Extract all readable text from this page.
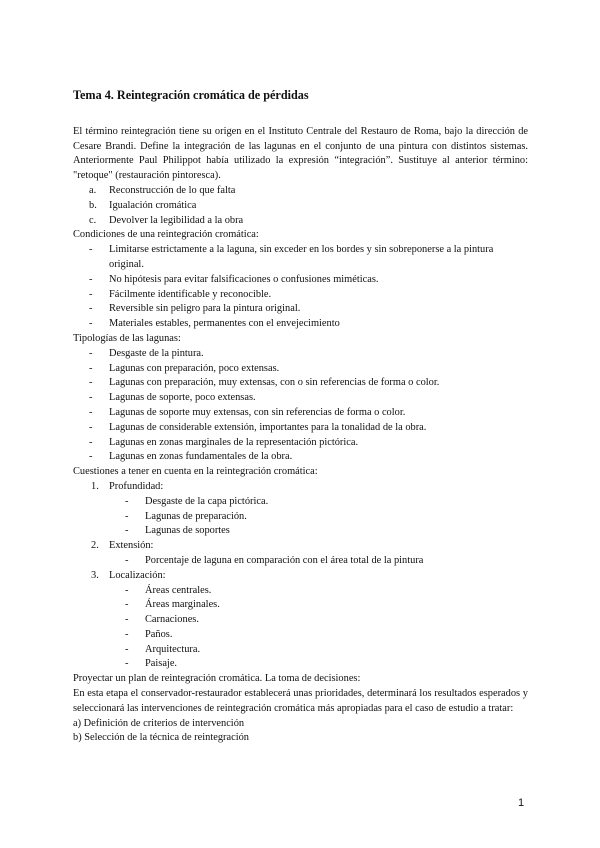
Tema 4. Reintegración cromática de pérdidas

El término reintegración tiene su origen en el Instituto Centrale del Restauro de Roma, bajo la dirección de Cesare Brandi. Define la integración de las lagunas en el conjunto de una pintura con distintos sistemas. Anteriormente Paul Philippot había utilizado la expresión “integración”. Sustituye al anterior término: "retoque" (restauración pintoresca).

a. Reconstrucción de lo que falta
b. Igualación cromática
c. Devolver la legibilidad a la obra

Condiciones de una reintegración cromática:

- Limitarse estrictamente a la laguna, sin exceder en los bordes y sin sobreponerse a la pintura original.
- No hipótesis para evitar falsificaciones o confusiones miméticas.
- Fácilmente identificable y reconocible.
- Reversible sin peligro para la pintura original.
- Materiales estables, permanentes con el envejecimiento

Tipologías de las lagunas:

- Desgaste de la pintura.
- Lagunas con preparación, poco extensas.
- Lagunas con preparación, muy extensas, con o sin referencias de forma o color.
- Lagunas de soporte, poco extensas.
- Lagunas de soporte muy extensas, con sin referencias de forma o color.
- Lagunas de considerable extensión, importantes para la tonalidad de la obra.
- Lagunas en zonas marginales de la representación pictórica.
- Lagunas en zonas fundamentales de la obra.

Cuestiones a tener en cuenta en la reintegración cromática:

1. Profundidad:
- Desgaste de la capa pictórica.
- Lagunas de preparación.
- Lagunas de soportes
2. Extensión:
- Porcentaje de laguna en comparación con el área total de la pintura
3. Localización:
- Áreas centrales.
- Áreas marginales.
- Carnaciones.
- Paños.
- Arquitectura.
- Paisaje.

Proyectar un plan de reintegración cromática. La toma de decisiones:

En esta etapa el conservador-restaurador establecerá unas prioridades, determinará los resultados esperados y seleccionará las intervenciones de reintegración cromática más apropiadas para el caso de estudio a tratar:

a) Definición de criterios de intervención

b) Selección de la técnica de reintegración

1
